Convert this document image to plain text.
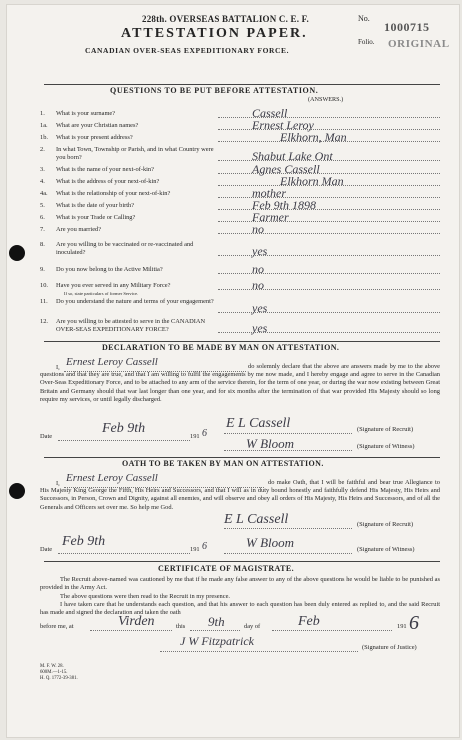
228th. OVERSEAS BATTALION C. E. F.
ATTESTATION PAPER.
CANADIAN OVER-SEAS EXPEDITIONARY FORCE.
No.
1000715
Folio. ORIGINAL
QUESTIONS TO BE PUT BEFORE ATTESTATION.
(ANSWERS.)
1. What is your surname?	Cassell
1a. What are your Christian names?	Ernest Leroy
1b. What is your present address?	Elkhorn, Man
2. In what Town, Township or Parish, and in what Country were you born?	Shabut Lake Ont
3. What is the name of your next-of-kin?	Agnes Cassell
4. What is the address of your next-of-kin?	Elkhorn Man
4a. What is the relationship of your next-of-kin?	mother
5. What is the date of your birth?	Feb 9th 1898
6. What is your Trade or Calling?	Farmer
7. Are you married?	no
8. Are you willing to be vaccinated or re-vaccinated and inoculated?	yes
9. Do you now belong to the Active Militia?	no
10. Have you ever served in any Military Force?
If so, state particulars of former Service.
no
11. Do you understand the nature and terms of your engagement?	yes
12. Are you willing to be attested to serve in the CANADIAN OVER-SEAS EXPEDITIONARY FORCE?	yes
DECLARATION TO BE MADE BY MAN ON ATTESTATION.
I, Ernest Leroy Cassell	do solemnly declare that the above are answers made by me to the above questions and that they are true, and that I am willing to fulfil the engagements by me now made, and I hereby engage and agree to serve in the Canadian Over-Seas Expeditionary Force, and to be attached to any arm of the service therein, for the term of one year, or during the war now existing between Great Britain and Germany should that war last longer than one year, and for six months after the termination of that war provided His Majesty should so long require my services, or until legally discharged.
Feb 9th
Date	191 6
E L Cassell	(Signature of Recruit)
W Bloom	(Signature of Witness)
OATH TO BE TAKEN BY MAN ON ATTESTATION.
I, Ernest Leroy Cassell	do make Oath, that I will be faithful and bear true Allegiance to His Majesty King George the Fifth, His Heirs and Successors, and that I will as in duty bound honestly and faithfully defend His Majesty, His Heirs and Successors, in Person, Crown and Dignity, against all enemies, and will observe and obey all orders of His Majesty, His Heirs and Successors, and of all the Generals and Officers set over me. So help me God.
E L Cassell	(Signature of Recruit)
Feb 9th
Date	191 6	W Bloom	(Signature of Witness)
CERTIFICATE OF MAGISTRATE.
The Recruit above-named was cautioned by me that if he made any false answer to any of the above questions he would be liable to be punished as provided in the Army Act.
The above questions were then read to the Recruit in my presence.
I have taken care that he understands each question, and that his answer to each question has been duly entered as replied to, and the said Recruit has made and signed the declaration and taken the oath
before me, at	Virden	this 9th	day of	Feb	191 6
J W Fitzpatrick	(Signature of Justice)
M. F. W. 28.
600M.—1-15.
H. Q. 1772-39-381.
